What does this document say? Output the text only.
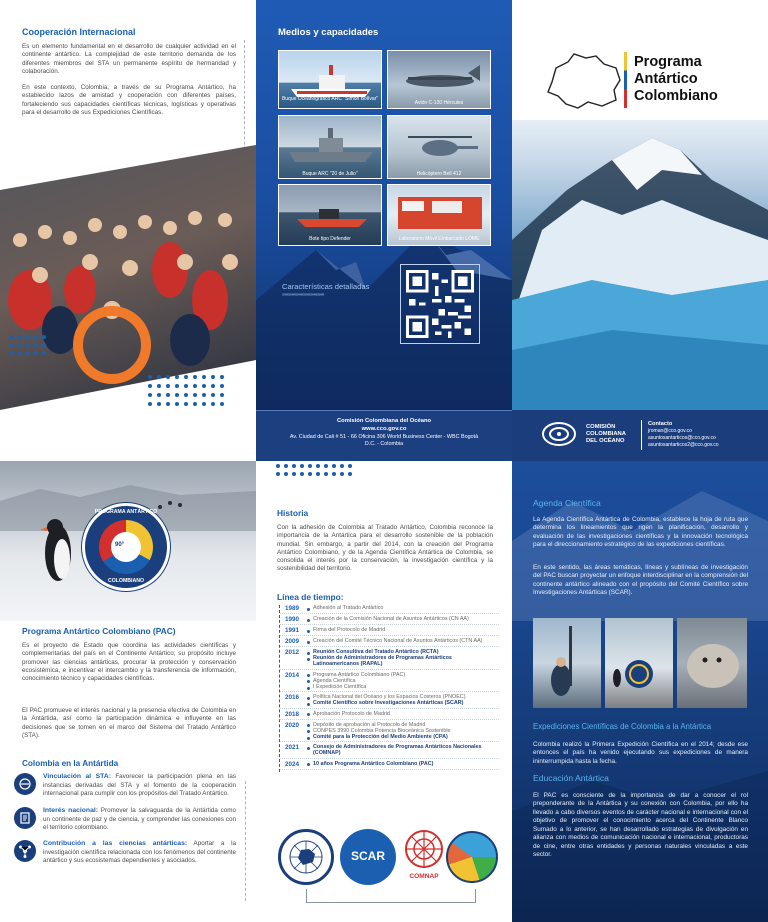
Cooperación Internacional
Es un elemento fundamental en el desarrollo de cualquier actividad en el continente antártico. La complejidad de este territorio demanda de los diferentes miembros del STA un permanente espíritu de hermandad y colaboración.
En este contexto, Colombia, a través de su Programa Antártico, ha establecido lazos de amistad y cooperación con diferentes países, fortaleciendo sus capacidades científicas técnicas, logísticas y operativas para el desarrollo de sus Expediciones Científicas.
Medios y capacidades
Buque Oceanográfico ARC "Simón Bolívar"
Avión C-130 Hércules
Buque ARC "20 de Julio"	Helicóptero Bell 412
Bote tipo Defender	Laboratorio Móvil Embarcado LOME
Características detalladas
››››››››››››››››››››››››››››››››››››
Comisión Colombiana del Océano
www.cco.gov.co
Av. Ciudad de Cali # 51 - 66 Oficina 306 World Business Center - WBC Bogotá D.C. - Colombia
Programa
Antártico
Colombiano
COMISIÓN
COLOMBIANA
DEL OCÉANO
Contacto
jroman@cco.gov.co
asuntosantarticos@cco.gov.co
asuntosantarticos2@cco.gov.co
PROGRAMA ANTÁRTICO
90°
COLOMBIANO
Programa Antártico Colombiano (PAC)
Es el proyecto de Estado que coordina las actividades científicas y complementarias del país en el Continente Antártico; su propósito incluye promover las ciencias antárticas, procurar la protección y conservación ecosistémica, e incentivar el intercambio y la transferencia de información, conocimiento técnico y capacidades científicas.
El PAC promueve el interés nacional y la presencia efectiva de Colombia en la Antártida, así como la participación dinámica e influyente en las decisiones que se tomen en el marco del Sistema del Tratado Antártico (STA).
Colombia en la Antártida
Vinculación al STA: Favorecer la participación plena en las instancias derivadas del STA y el fomento de la cooperación internacional para cumplir con los propósitos del Tratado Antártico.
Interés nacional: Promover la salvaguarda de la Antártida como un continente de paz y de ciencia, y comprender las conexiones con el territorio colombiano.
Contribución a las ciencias antárticas: Aportar a la investigación científica relacionada con los fenómenos del continente antártico y sus ecosistemas dependientes y asociados.
Historia
Con la adhesión de Colombia al Tratado Antártico, Colombia reconoce la importancia de la Antártica para el desarrollo sostenible de la población mundial. Sin embargo, a partir del 2014, con la creación del Programa Antártico Colombiano, y de la Agenda Científica Antártica de Colombia, se consolida el interés por la conservación, la investigación científica y la sostenibilidad del territorio.
Línea de tiempo:
1989	Adhesión al Tratado Antártico
1990	Creación de la Comisión Nacional de Asuntos Antárticos (CN AA)
1991	Firma del Protocolo de Madrid
2009	Creación del Comité Técnico Nacional de Asuntos Antárticos (CTN AA)
2012	Reunión Consultiva del Tratado Antártico (RCTA)
Reunión de Administradores de Programas Antárticos Latinoamericanos (RAPAL)
2014	Programa Antártico Colombiano (PAC)
Agenda Científica
I Expedición Científica
2016	Política Nacional del Océano y los Espacios Costeros (PNOEC)
Comité Científico sobre Investigaciones Antárticas (SCAR)
2018	Aprobación Protocolo de Madrid
2020	Depósito de aprobación al Protocolo de Madrid
CONPES 3990 Colombia Potencia Bioceánica Sostenible
Comité para la Protección del Medio Ambiente (CPA)
2021	Consejo de Administradores de Programas Antárticos Nacionales (COMNAP)
2024	10 años Programa Antártico Colombiano (PAC)
SCAR
COMNAP
Agenda Científica
La Agenda Científica Antártica de Colombia, establece la hoja de ruta que determina los lineamientos que rigen la planificación, desarrollo y evaluación de las investigaciones científicas y la innovación tecnológica para el direccionamiento estratégico de las expediciones científicas.
En este sentido, las áreas temáticas, líneas y sublíneas de investigación del PAC buscan proyectar un enfoque interdisciplinar en la comprensión del continente antártico alineado con el propósito del Comité Científico sobre Investigaciones Antárticas (SCAR).
Expediciones Científicas de Colombia a la Antártica
Colombia realizó la Primera Expedición Científica en el 2014; desde ese entonces el país ha venido ejecutando sus expediciones de manera ininterrumpida hasta la fecha.
Educación Antártica
El PAC es consciente de la importancia de dar a conocer el rol preponderante de la Antártica y su conexión con Colombia, por ello ha llevado a cabo diversos eventos de carácter nacional e internacional con el objetivo de promover el conocimiento acerca del Continente Blanco Sumado a lo anterior, se han desarrollado estrategias de divulgación en alianza con medios de comunicación nacional e internacional, productoras de cine, entre otras entidades y personas naturales vinculadas a este sector.
